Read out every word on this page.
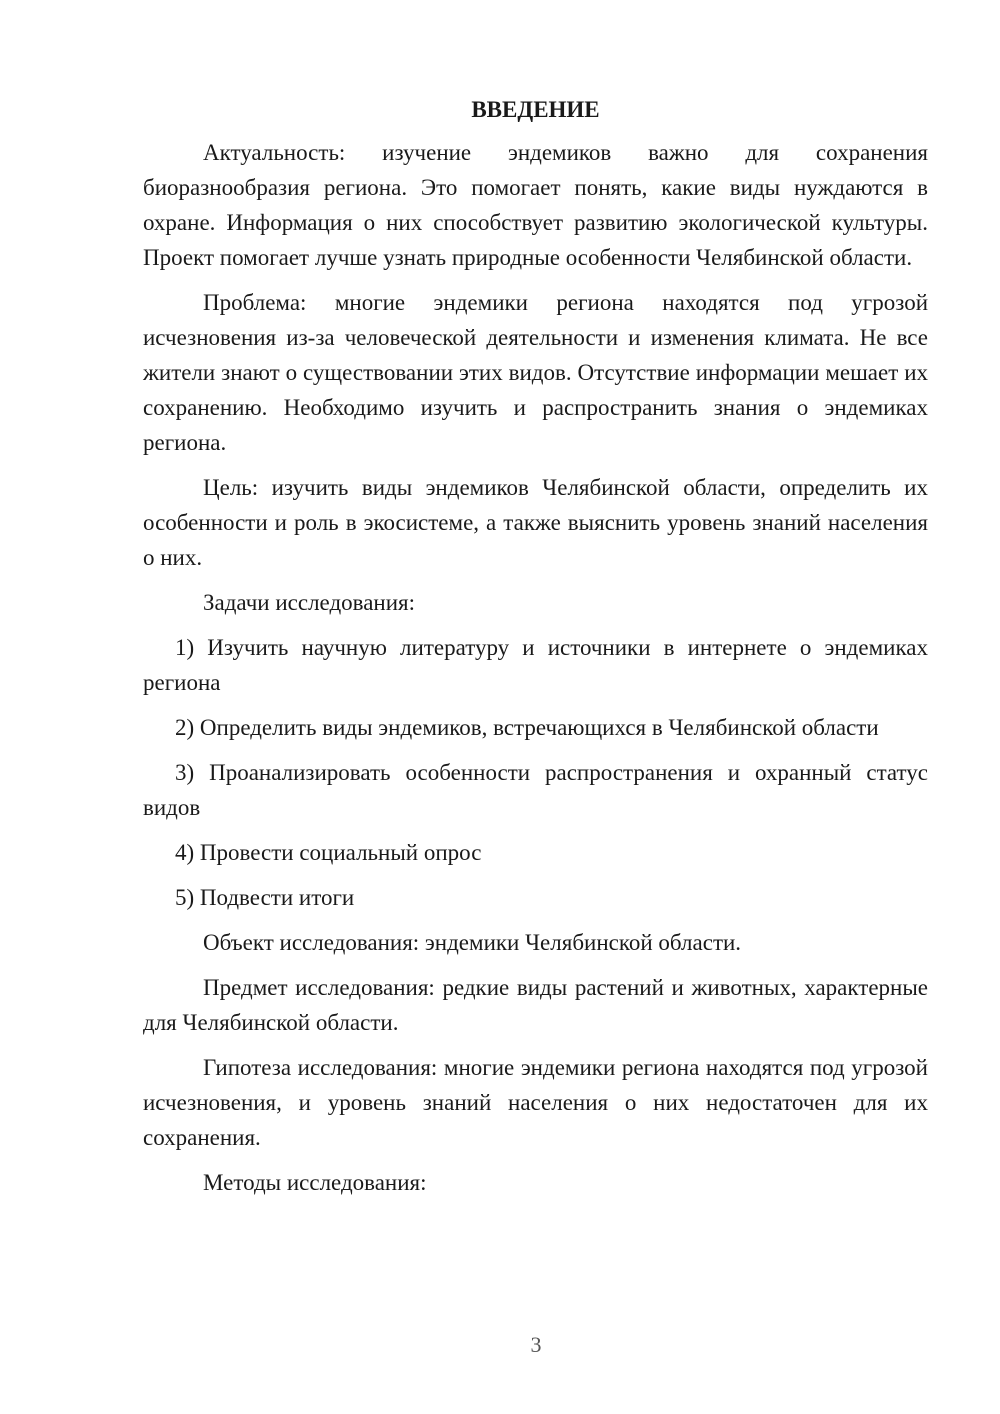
ВВЕДЕНИЕ

Актуальность: изучение эндемиков важно для сохранения биоразнообразия региона. Это помогает понять, какие виды нуждаются в охране. Информация о них способствует развитию экологической культуры. Проект помогает лучше узнать природные особенности Челябинской области.

Проблема: многие эндемики региона находятся под угрозой исчезновения из-за человеческой деятельности и изменения климата. Не все жители знают о существовании этих видов. Отсутствие информации мешает их сохранению. Необходимо изучить и распространить знания о эндемиках региона.

Цель: изучить виды эндемиков Челябинской области, определить их особенности и роль в экосистеме, а также выяснить уровень знаний населения о них.

Задачи исследования:

1) Изучить научную литературу и источники в интернете о эндемиках региона

2) Определить виды эндемиков, встречающихся в Челябинской области

3) Проанализировать особенности распространения и охранный статус видов

4) Провести социальный опрос

5) Подвести итоги

Объект исследования: эндемики Челябинской области.

Предмет исследования: редкие виды растений и животных, характерные для Челябинской области.

Гипотеза исследования: многие эндемики региона находятся под угрозой исчезновения, и уровень знаний населения о них недостаточен для их сохранения.

Методы исследования:

3
